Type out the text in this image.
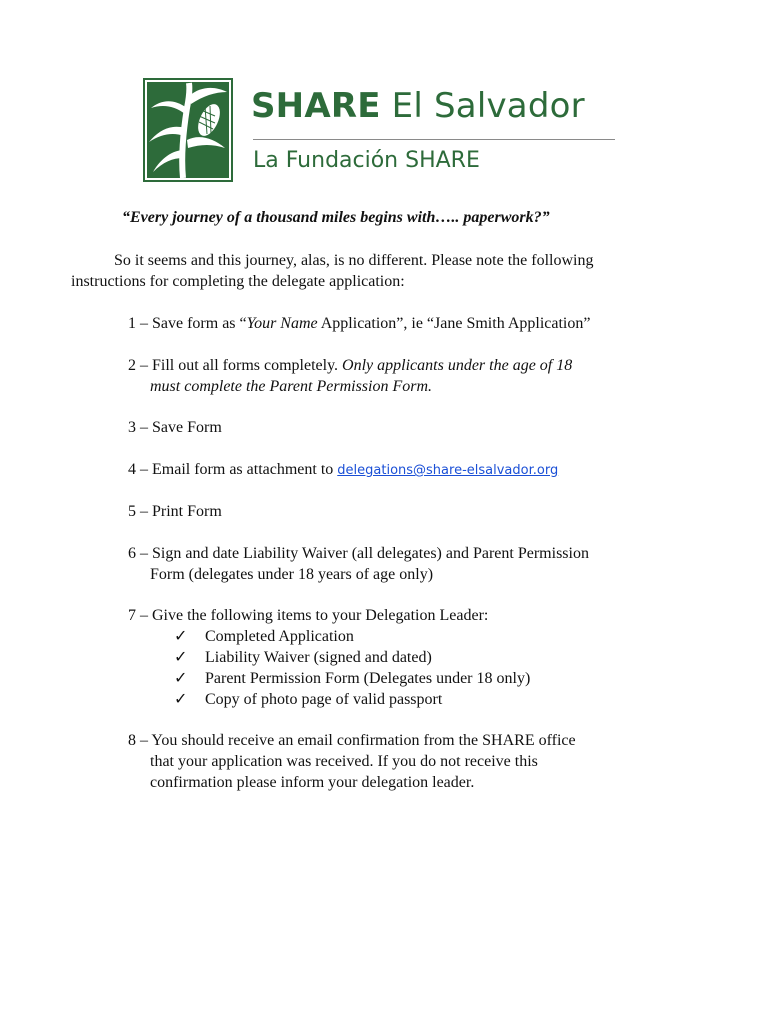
SHARE El Salvador
La Fundación SHARE
“Every journey of a thousand miles begins with….. paperwork?”
So it seems and this journey, alas, is no different. Please note the following
instructions for completing the delegate application:
1 – Save form as “Your Name Application”, ie “Jane Smith Application”
2 – Fill out all forms completely. Only applicants under the age of 18
must complete the Parent Permission Form.
3 – Save Form
4 – Email form as attachment to delegations@share-elsalvador.org
5 – Print Form
6 – Sign and date Liability Waiver (all delegates) and Parent Permission
Form (delegates under 18 years of age only)
7 – Give the following items to your Delegation Leader:
✓ Completed Application
✓ Liability Waiver (signed and dated)
✓ Parent Permission Form (Delegates under 18 only)
✓ Copy of photo page of valid passport
8 – You should receive an email confirmation from the SHARE office
that your application was received. If you do not receive this
confirmation please inform your delegation leader.
